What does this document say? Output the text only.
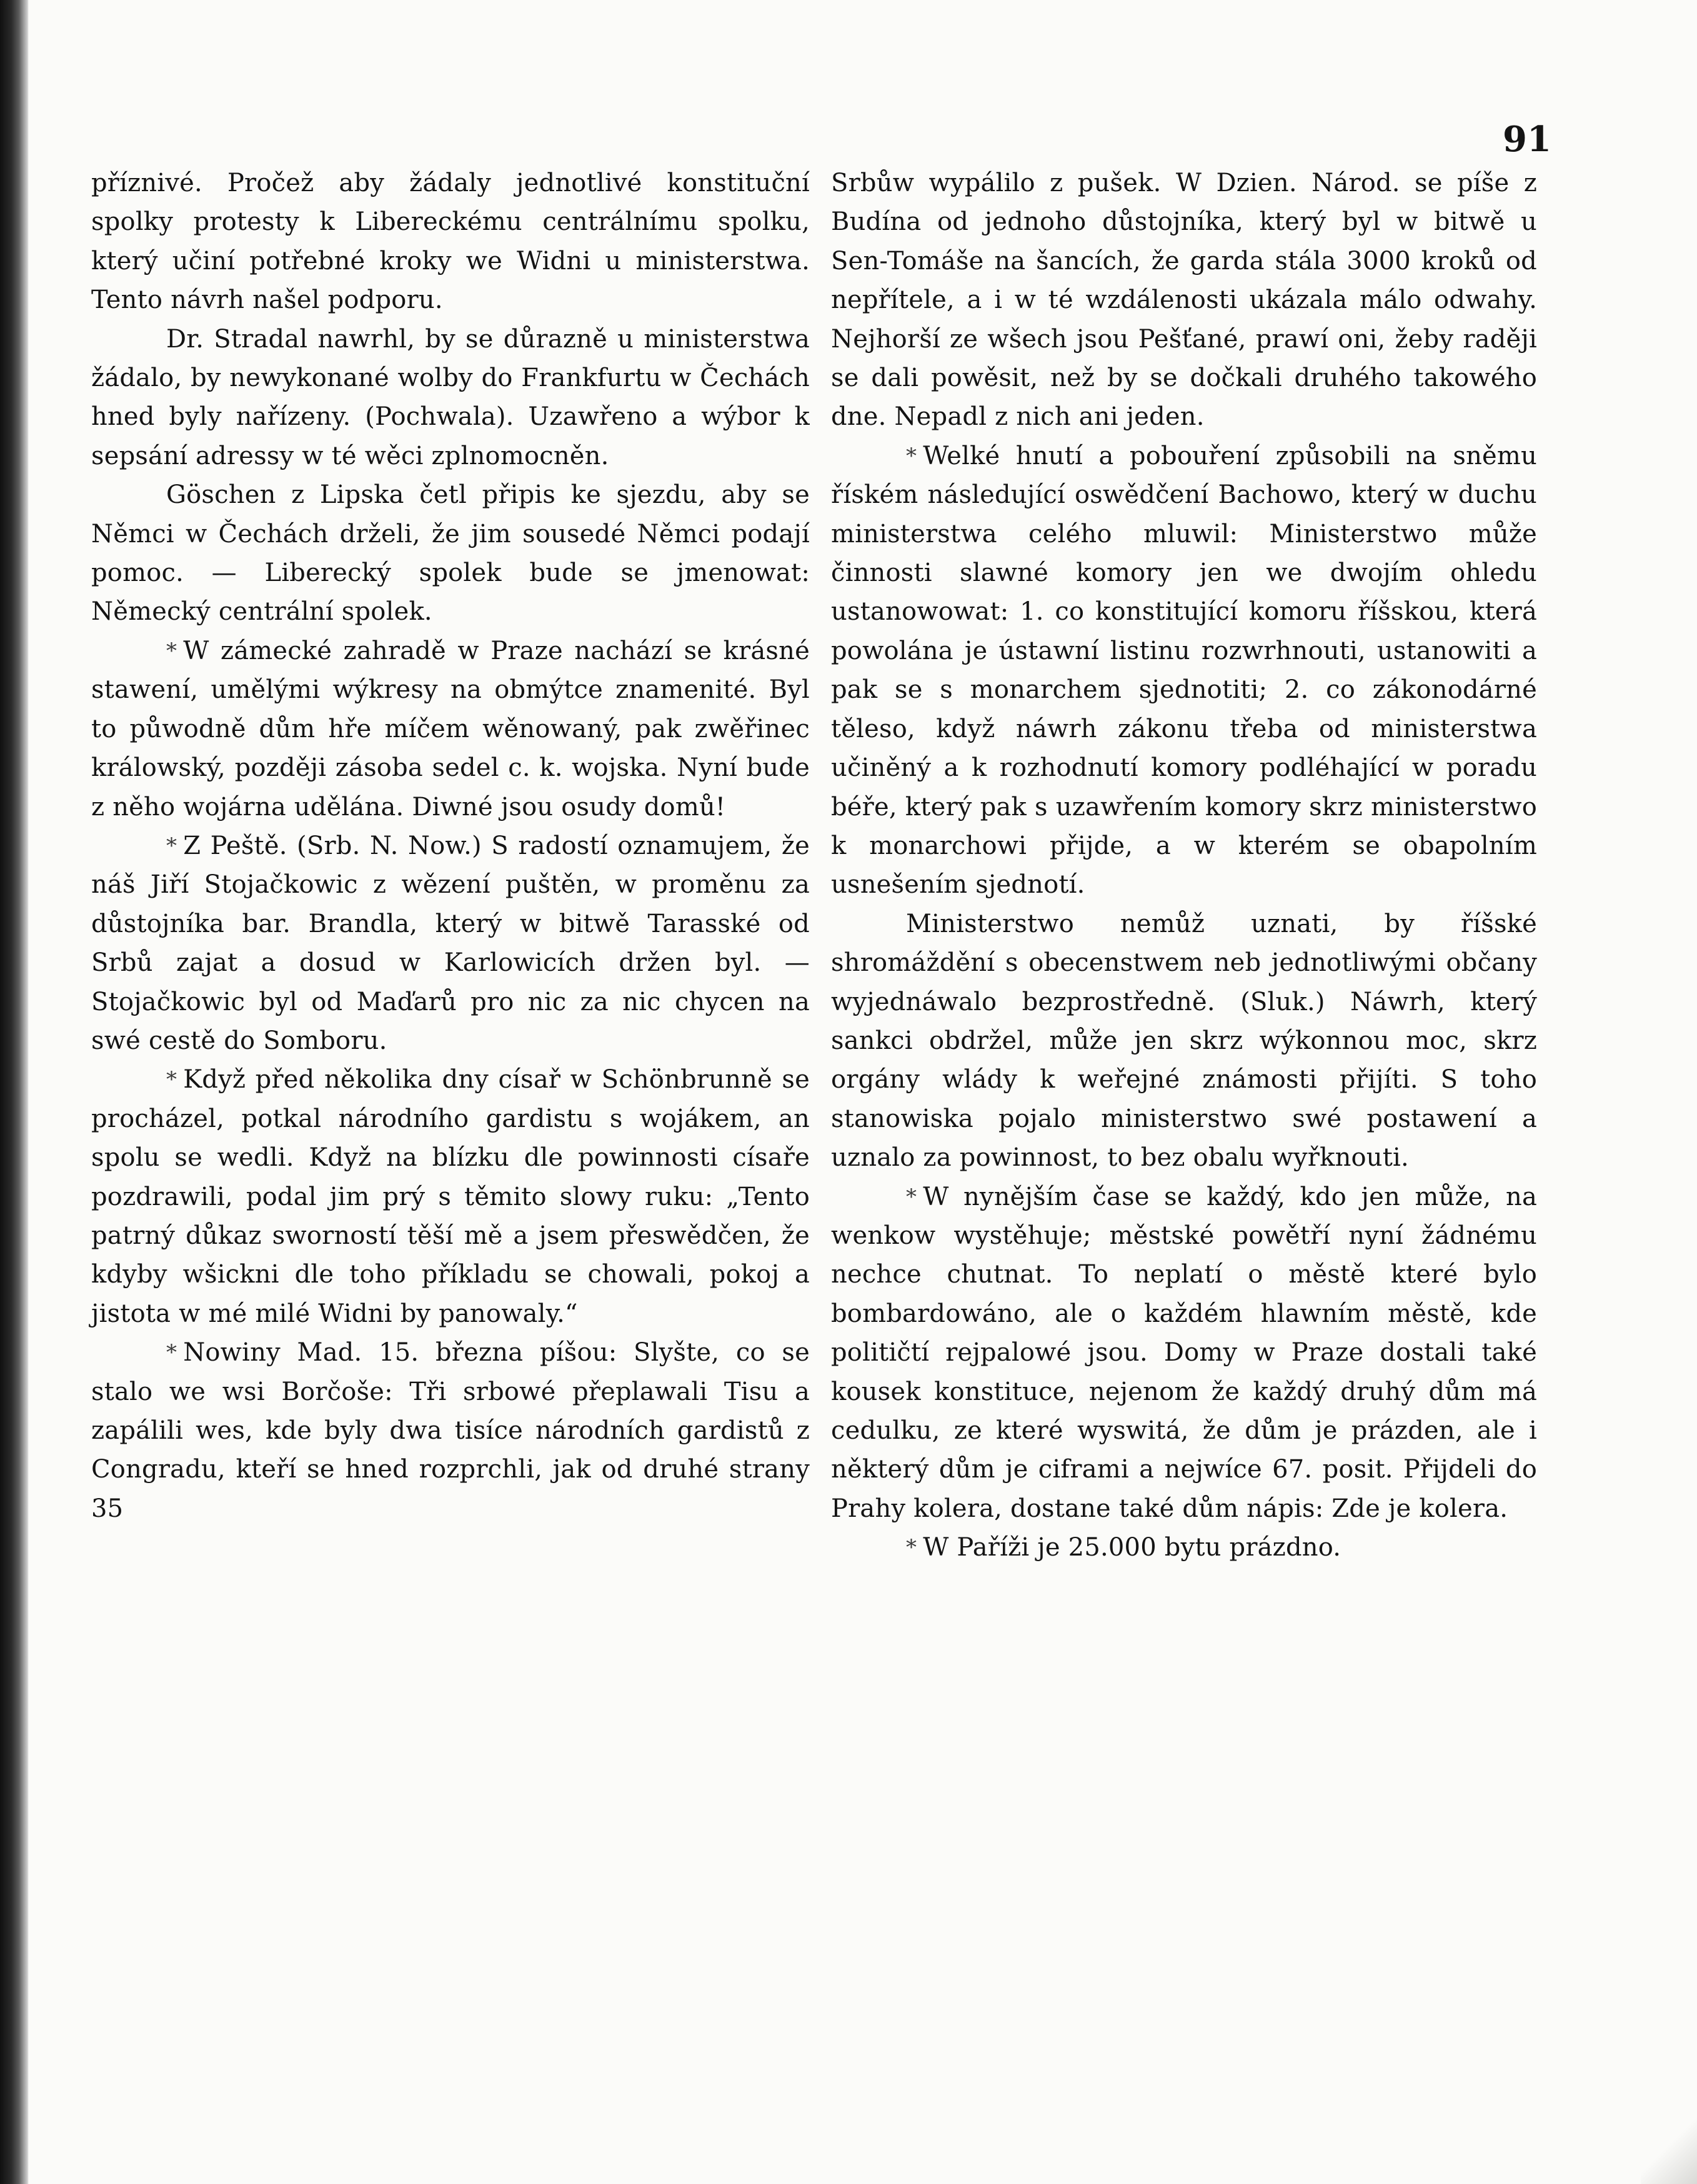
91

příznivé. Pročež aby žádaly jednotlivé konstituční spolky protesty k Libereckému centrálnímu spolku, který učiní potřebné kroky we Widni u ministerstwa. Tento návrh našel podporu.

Dr. Stradal nawrhl, by se důrazně u ministerstwa žádalo, by newykonané wolby do Frankfurtu w Čechách hned byly nařízeny. (Pochwala). Uzawřeno a wýbor k sepsání adressy w té wěci zplnomocněn.

Göschen z Lipska četl připis ke sjezdu, aby se Němci w Čechách drželi, že jim sousedé Němci podají pomoc. — Liberecký spolek bude se jmenowat: Německý centrální spolek.

* W zámecké zahradě w Praze nachází se krásné stawení, umělými wýkresy na obmýtce znamenité. Byl to půwodně dům hře míčem wěnowaný, pak zwěřinec králowský, později zásoba sedel c. k. wojska. Nyní bude z něho wojárna udělána. Diwné jsou osudy domů!

* Z Peště. (Srb. N. Now.) S radostí oznamujem, že náš Jiří Stojačkowic z wězení puštěn, w proměnu za důstojníka bar. Brandla, který w bitwě Tarasské od Srbů zajat a dosud w Karlowicích držen byl. — Stojačkowic byl od Maďarů pro nic za nic chycen na swé cestě do Somboru.

* Když před několika dny císař w Schönbrunně se procházel, potkal národního gardistu s wojákem, an spolu se wedli. Když na blízku dle powinnosti císaře pozdrawili, podal jim prý s těmito slowy ruku: „Tento patrný důkaz sworností těší mě a jsem přeswědčen, že kdyby wšickni dle toho příkladu se chowali, pokoj a jistota w mé milé Widni by panowaly.“

* Nowiny Mad. 15. března píšou: Slyšte, co se stalo we wsi Borčoše: Tři srbowé přeplawali Tisu a zapálili wes, kde byly dwa tisíce národních gardistů z Congradu, kteří se hned rozprchli, jak od druhé strany 35

Srbůw wypálilo z pušek. W Dzien. Národ. se píše z Budína od jednoho důstojníka, který byl w bitwě u Sen-Tomáše na šancích, že garda stála 3000 kroků od nepřítele, a i w té wzdálenosti ukázala málo odwahy. Nejhorší ze wšech jsou Pešťané, prawí oni, žeby raději se dali powěsit, než by se dočkali druhého takowého dne. Nepadl z nich ani jeden.

* Welké hnutí a pobouření způsobili na sněmu říském následující oswědčení Bachowo, který w duchu ministerstwa celého mluwil: Ministerstwo může činnosti slawné komory jen we dwojím ohledu ustanowowat: 1. co konstitující komoru říšskou, která powolána je ústawní listinu rozwrhnouti, ustanowiti a pak se s monarchem sjednotiti; 2. co zákonodárné těleso, když náwrh zákonu třeba od ministerstwa učiněný a k rozhodnutí komory podléhající w poradu béře, který pak s uzawřením komory skrz ministerstwo k monarchowi přijde, a w kterém se obapolním usnešením sjednotí.

Ministerstwo nemůž uznati, by říšské shromáždění s obecenstwem neb jednotliwými občany wyjednáwalo bezprostředně. (Sluk.) Náwrh, který sankci obdržel, může jen skrz wýkonnou moc, skrz orgány wlády k weřejné známosti přijíti. S toho stanowiska pojalo ministerstwo swé postawení a uznalo za powinnost, to bez obalu wyřknouti.

* W nynějším čase se každý, kdo jen může, na wenkow wystěhuje; městské powětří nyní žádnému nechce chutnat. To neplatí o městě které bylo bombardowáno, ale o každém hlawním městě, kde političtí rejpalowé jsou. Domy w Praze dostali také kousek konstituce, nejenom že každý druhý dům má cedulku, ze které wyswitá, že dům je prázden, ale i některý dům je ciframi a nejwíce 67. posit. Přijdeli do Prahy kolera, dostane také dům nápis: Zde je kolera.

* W Paříži je 25.000 bytu prázdno.
